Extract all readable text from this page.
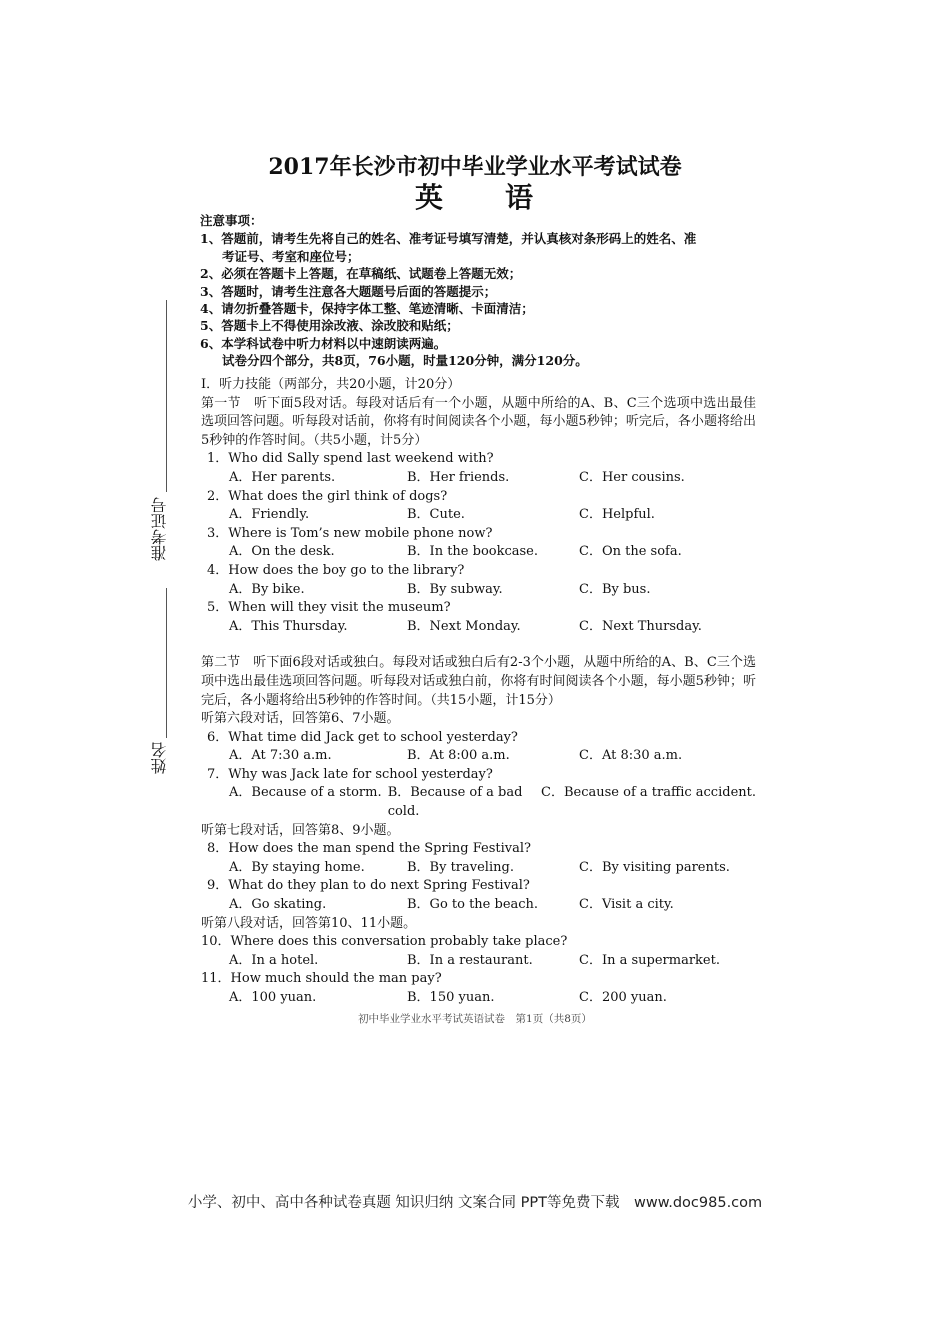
准考证号
姓名
2017年长沙市初中毕业学业水平考试试卷
英　　语
注意事项：
1、答题前，请考生先将自己的姓名、准考证号填写清楚，并认真核对条形码上的姓名、准
考证号、考室和座位号；
2、必须在答题卡上答题，在草稿纸、试题卷上答题无效；
3、答题时，请考生注意各大题题号后面的答题提示；
4、请勿折叠答题卡，保持字体工整、笔迹清晰、卡面清洁；
5、答题卡上不得使用涂改液、涂改胶和贴纸；
6、本学科试卷中听力材料以中速朗读两遍。
试卷分四个部分，共8页，76小题，时量120分钟，满分120分。

I．听力技能（两部分，共20小题，计20分）

第一节　听下面5段对话。每段对话后有一个小题，从题中所给的A、B、C三个选项中选出最佳选项回答问题。听每段对话前，你将有时间阅读各个小题，每小题5秒钟；听完后，各小题将给出5秒钟的作答时间。（共5小题，计5分）

1．Who did Sally spend last weekend with?

A．Her parents.	B．Her friends.	C．Her cousins.

2．What does the girl think of dogs?

A．Friendly.	B．Cute.	C．Helpful.

3．Where is Tom’s new mobile phone now?

A．On the desk.	B．In the bookcase.	C．On the sofa.

4．How does the boy go to the library?

A．By bike.	B．By subway.	C．By bus.

5．When will they visit the museum?

A．This Thursday.	B．Next Monday.	C．Next Thursday.

第二节　听下面6段对话或独白。每段对话或独白后有2-3个小题，从题中所给的A、B、C三个选项中选出最佳选项回答问题。听每段对话或独白前，你将有时间阅读各个小题，每小题5秒钟；听完后，各小题将给出5秒钟的作答时间。（共15小题，计15分）

听第六段对话，回答第6、7小题。

6．What time did Jack get to school yesterday?

A．At 7:30 a.m.	B．At 8:00 a.m.	C．At 8:30 a.m.

7．Why was Jack late for school yesterday?

A．Because of a storm. B．Because of a bad cold.
C．Because of a traffic accident.

听第七段对话，回答第8、9小题。

8．How does the man spend the Spring Festival?

A．By staying home.	B．By traveling.	C．By visiting parents.

9．What do they plan to do next Spring Festival?

A．Go skating.	B．Go to the beach.	C．Visit a city.

听第八段对话，回答第10、11小题。

10．Where does this conversation probably take place?

A．In a hotel.	B．In a restaurant.	C．In a supermarket.

11．How much should the man pay?

A．100 yuan.	B．150 yuan.	C．200 yuan.
初中毕业学业水平考试英语试卷　第1页（共8页）
小学、初中、高中各种试卷真题 知识归纳 文案合同 PPT等免费下载　www.doc985.com
